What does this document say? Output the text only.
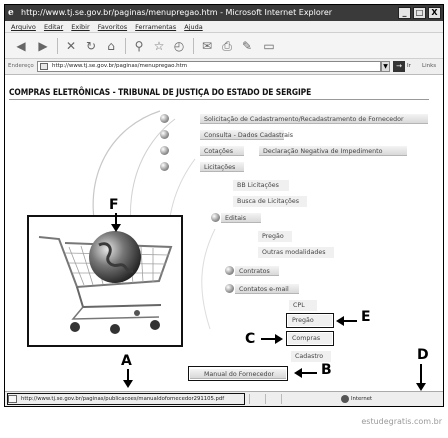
e http://www.tj.se.gov.br/paginas/menupregao.htm - Microsoft Internet Explorer	_	□	X
Arquivo Editar Exibir Favoritos Ferramentas Ajuda
◀ ▶ ✕ ↻ ⌂	⚲ ☆ ◴ ✉ ⎙ ✎ ▭
Endereço	http://www.tj.se.gov.br/paginas/menupregao.htm	▼	→ Ir Links
COMPRAS ELETRÔNICAS - TRIBUNAL DE JUSTIÇA DO ESTADO DE SERGIPE
Solicitação de Cadastramento/Recadastramento de Fornecedor
Consulta - Dados Cadastrais
Cotações	Declaração Negativa de Impedimento
Licitações
BB Licitações
Busca de Licitações
Editais
Pregão
Outras modalidades
Contratos
Contatos e-mail
CPL
Pregão
Compras
Cadastro
Manual do Fornecedor
F
D
E
C
B
A
http://www.tj.se.gov.br/paginas/publicacoes/manualdofornecedor291105.pdf	Internet
estudegratis.com.br
